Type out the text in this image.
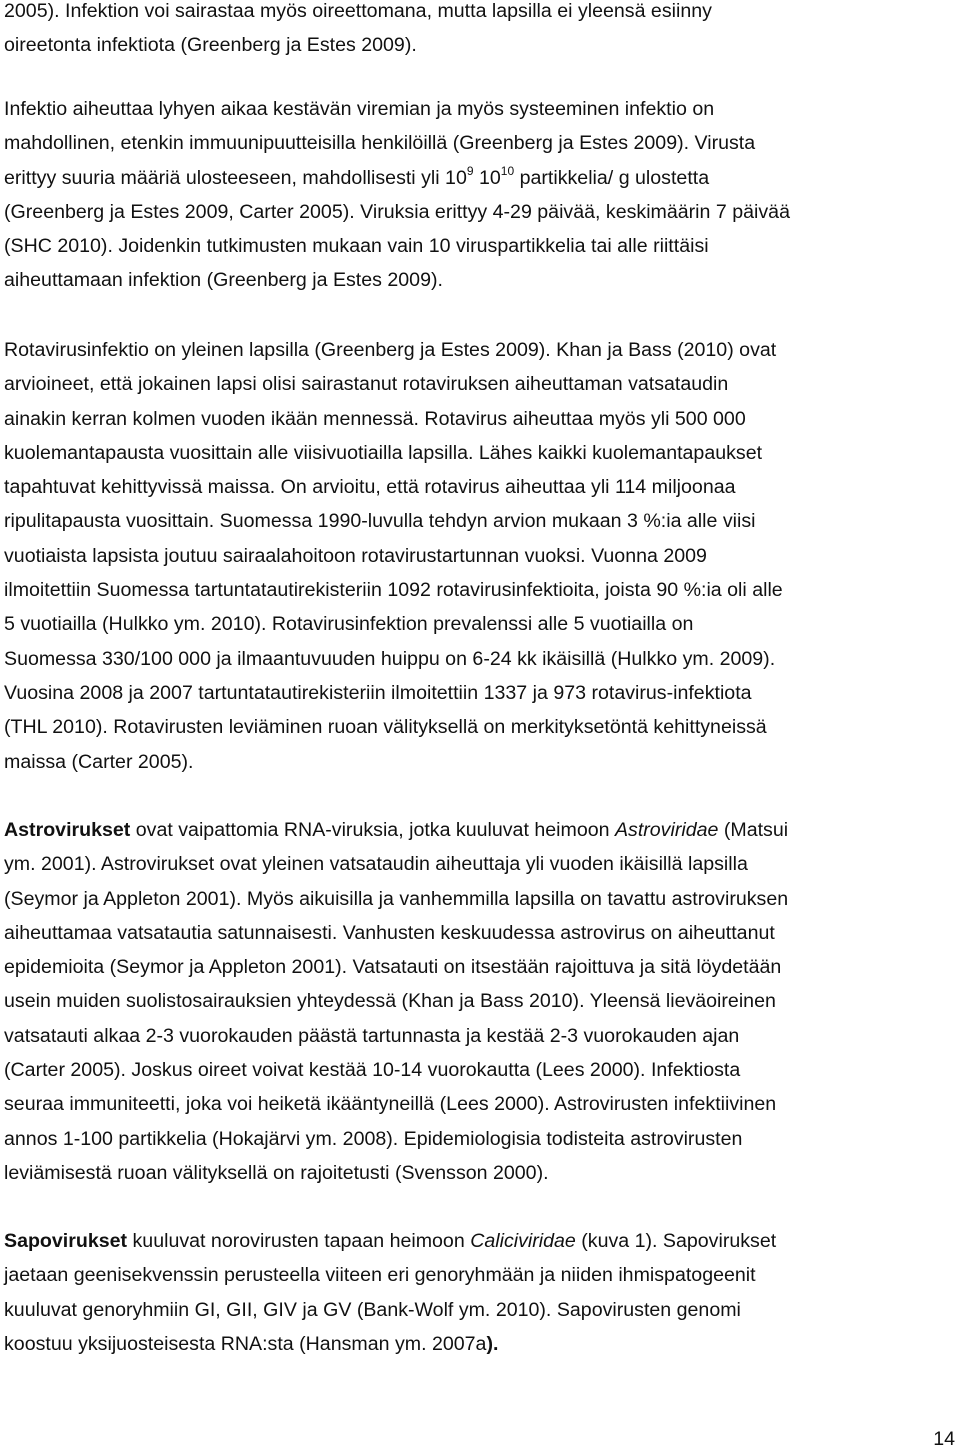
2005). Infektion voi sairastaa myös oireettomana, mutta lapsilla ei yleensä esiinny
oireetonta infektiota (Greenberg ja Estes 2009).

Infektio aiheuttaa lyhyen aikaa kestävän viremian ja myös systeeminen infektio on
mahdollinen, etenkin immuunipuutteisilla henkilöillä (Greenberg ja Estes 2009). Virusta
erittyy suuria määriä ulosteeseen, mahdollisesti yli $10^9$ $10^{10}$ partikkelia/ g ulostetta
(Greenberg ja Estes 2009, Carter 2005). Viruksia erittyy 4-29 päivää, keskimäärin 7 päivää
(SHC 2010). Joidenkin tutkimusten mukaan vain 10 viruspartikkelia tai alle riittäisi
aiheuttamaan infektion (Greenberg ja Estes 2009).

Rotavirusinfektio on yleinen lapsilla (Greenberg ja Estes 2009). Khan ja Bass (2010) ovat
arvioineet, että jokainen lapsi olisi sairastanut rotaviruksen aiheuttaman vatsataudin
ainakin kerran kolmen vuoden ikään mennessä. Rotavirus aiheuttaa myös yli 500 000
kuolemantapausta vuosittain alle viisivuotiailla lapsilla. Lähes kaikki kuolemantapaukset
tapahtuvat kehittyvissä maissa. On arvioitu, että rotavirus aiheuttaa yli 114 miljoonaa
ripulitapausta vuosittain. Suomessa 1990-luvulla tehdyn arvion mukaan 3 %:ia alle viisi
vuotiaista lapsista joutuu sairaalahoitoon rotavirustartunnan vuoksi. Vuonna 2009
ilmoitettiin Suomessa tartuntatautirekisteriin 1092 rotavirusinfektioita, joista 90 %:ia oli alle
5 vuotiailla (Hulkko ym. 2010). Rotavirusinfektion prevalenssi alle 5 vuotiailla on
Suomessa 330/100 000 ja ilmaantuvuuden huippu on 6-24 kk ikäisillä (Hulkko ym. 2009).
Vuosina 2008 ja 2007 tartuntatautirekisteriin ilmoitettiin 1337 ja 973 rotavirus-infektiota
(THL 2010). Rotavirusten leviäminen ruoan välityksellä on merkityksetöntä kehittyneissä
maissa (Carter 2005).

Astrovirukset ovat vaipattomia RNA-viruksia, jotka kuuluvat heimoon Astroviridae (Matsui
ym. 2001). Astrovirukset ovat yleinen vatsataudin aiheuttaja yli vuoden ikäisillä lapsilla
(Seymor ja Appleton 2001). Myös aikuisilla ja vanhemmilla lapsilla on tavattu astroviruksen
aiheuttamaa vatsatautia satunnaisesti. Vanhusten keskuudessa astrovirus on aiheuttanut
epidemioita (Seymor ja Appleton 2001). Vatsatauti on itsestään rajoittuva ja sitä löydetään
usein muiden suolistosairauksien yhteydessä (Khan ja Bass 2010). Yleensä lieväoireinen
vatsatauti alkaa 2-3 vuorokauden päästä tartunnasta ja kestää 2-3 vuorokauden ajan
(Carter 2005). Joskus oireet voivat kestää 10-14 vuorokautta (Lees 2000). Infektiosta
seuraa immuniteetti, joka voi heiketä ikääntyneillä (Lees 2000). Astrovirusten infektiivinen
annos 1-100 partikkelia (Hokajärvi ym. 2008). Epidemiologisia todisteita astrovirusten
leviämisestä ruoan välityksellä on rajoitetusti (Svensson 2000).

Sapovirukset kuuluvat norovirusten tapaan heimoon Caliciviridae (kuva 1). Sapovirukset
jaetaan geenisekvenssin perusteella viiteen eri genoryhmään ja niiden ihmispatogeenit
kuuluvat genoryhmiin GI, GII, GIV ja GV (Bank-Wolf ym. 2010). Sapovirusten genomi
koostuu yksijuosteisesta RNA:sta (Hansman ym. 2007a).

14
